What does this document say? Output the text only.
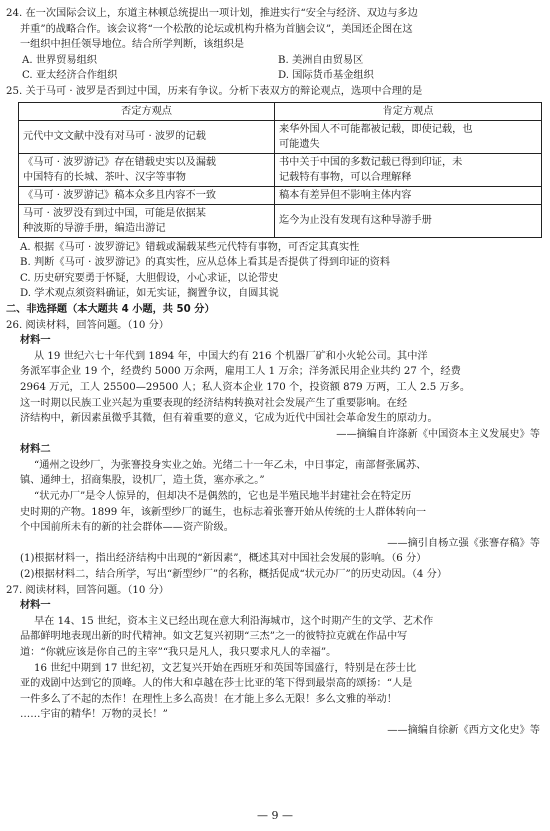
24. 在一次国际会议上，东道主林顿总统提出一项计划，推进实行“安全与经济、双边与多边
并重”的战略合作。该会议将“一个松散的论坛或机构升格为首脑会议”，美国还企图在这
一组织中担任领导地位。结合所学判断，该组织是
A. 世界贸易组织	B. 美洲自由贸易区
C. 亚太经济合作组织	D. 国际货币基金组织
25. 关于马可 · 波罗是否到过中国，历来有争议。分析下表双方的辩论观点，选项中合理的是
否定方观点	肯定方观点
元代中文文献中没有对马可 · 波罗的记载	来华外国人不可能都被记载，即使记载，也
可能遗失
《马可 · 波罗游记》存在错载史实以及漏载
中国特有的长城、茶叶、汉字等事物	书中关于中国的多数记载已得到印证，未
记载特有事物，可以合理解释
《马可 · 波罗游记》稿本众多且内容不一致	稿本有差异但不影响主体内容
马可 · 波罗没有到过中国，可能是依据某
种波斯的导游手册，编造出游记	迄今为止没有发现有这种导游手册
A. 根据《马可 · 波罗游记》错载或漏载某些元代特有事物，可否定其真实性
B. 判断《马可 · 波罗游记》的真实性，应从总体上看其是否提供了得到印证的资料
C. 历史研究要勇于怀疑，大胆假设，小心求证，以论带史
D. 学术观点须资料确证，如无实证，搁置争议，自圆其说
二、非选择题（本大题共 4 小题，共 50 分）
26. 阅读材料，回答问题。（10 分）
材料一
从 19 世纪六七十年代到 1894 年，中国大约有 216 个机器厂矿和小火轮公司。其中洋
务派军事企业 19 个，经费约 5000 万余两，雇用工人 1 万余；洋务派民用企业共约 27 个，经费
2964 万元，工人 25500—29500 人；私人资本企业 170 个，投资额 879 万两，工人 2.5 万多。
这一时期以民族工业兴起为重要表现的经济结构转换对社会发展产生了重要影响。在经
济结构中，新因素虽微乎其微，但有着重要的意义，它成为近代中国社会革命发生的原动力。
——摘编自许涤新《中国资本主义发展史》等
材料二
“通州之设纱厂，为张謇投身实业之始。光绪二十一年乙未，中日事定，南部督张属苏、
镇、通绅士，招商集股，设机厂，造土货，塞亦承之。”
“状元办厂”是令人惊异的，但却决不是偶然的，它也是半殖民地半封建社会在特定历
史时期的产物。1899 年，该新型纱厂的诞生，也标志着张謇开始从传统的士人群体转向一
个中国前所未有的新的社会群体——资产阶级。
——摘引自杨立强《张謇存稿》等
(1)根据材料一，指出经济结构中出现的“新因素”，概述其对中国社会发展的影响。（6 分）
(2)根据材料二，结合所学，写出“新型纱厂”的名称，概括促成“状元办厂”的历史动因。（4 分）
27. 阅读材料，回答问题。（10 分）
材料一
早在 14、15 世纪，资本主义已经出现在意大利沿海城市，这个时期产生的文学、艺术作
品都鲜明地表现出新的时代精神。如文艺复兴初期“三杰”之一的彼特拉克就在作品中写
道：“你就应该是你自己的主宰”“我只是凡人，我只要求凡人的幸福”。
16 世纪中期到 17 世纪初，文艺复兴开始在西班牙和英国等国盛行，特别是在莎士比
亚的戏剧中达到它的顶峰。人的伟大和卓越在莎士比亚的笔下得到最崇高的颂扬：“人是
一件多么了不起的杰作！在理性上多么高贵！在才能上多么无限！多么文雅的举动！
……宇宙的精华！万物的灵长！”
——摘编自徐新《西方文化史》等
— 9 —
